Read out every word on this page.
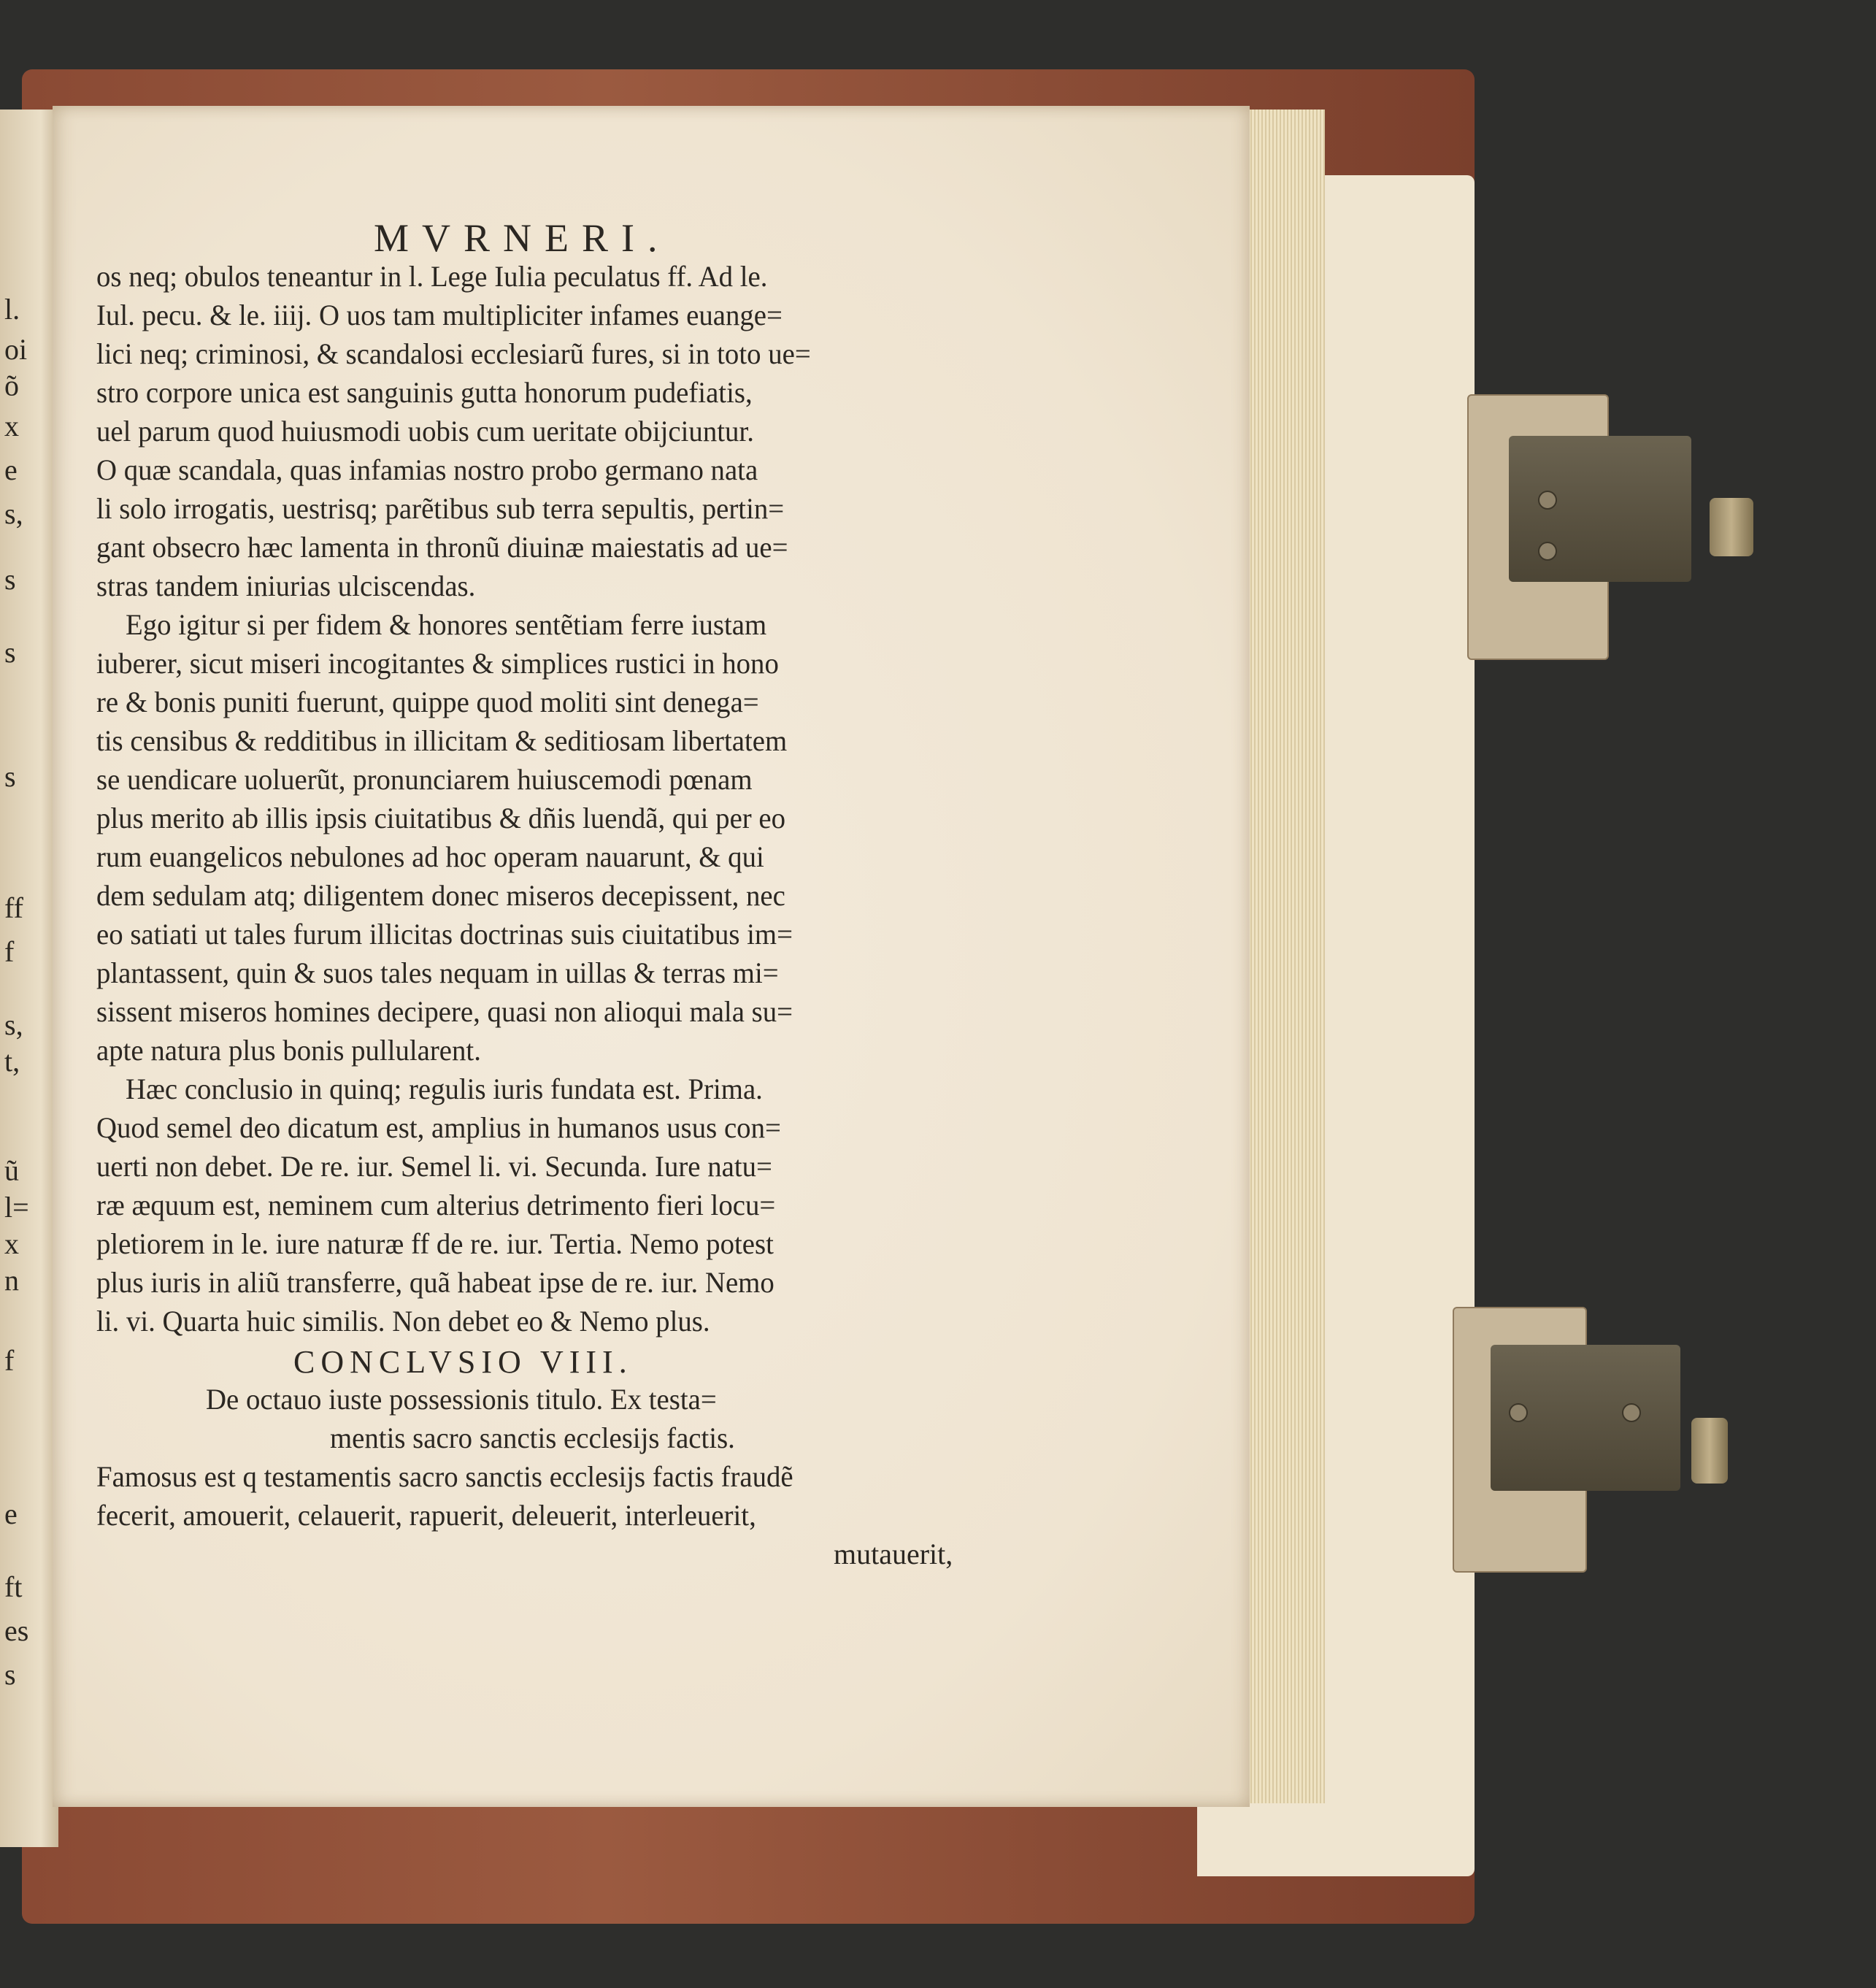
l.
oi
õ
x
e
s,
s
s
s
ff
f
s,
t,
ũ
l=
x
n
f
e
ft
es
s
MVRNERI.
os neq; obulos teneantur in l. Lege Iulia peculatus ff. Ad le.
Iul. pecu. & le. iiij. O uos tam multipliciter infames euange=
lici neq; criminosi, & scandalosi ecclesiarũ fures, si in toto ue=
stro corpore unica est sanguinis gutta honorum pudefiatis,
uel parum quod huiusmodi uobis cum ueritate obijciuntur.
O quæ scandala, quas infamias nostro probo germano nata
li solo irrogatis, uestrisq; parẽtibus sub terra sepultis, pertin=
gant obsecro hæc lamenta in thronũ diuinæ maiestatis ad ue=
stras tandem iniurias ulciscendas.
Ego igitur si per fidem & honores sentẽtiam ferre iustam
iuberer, sicut miseri incogitantes & simplices rustici in hono
re & bonis puniti fuerunt, quippe quod moliti sint denega=
tis censibus & redditibus in illicitam & seditiosam libertatem
se uendicare uoluerũt, pronunciarem huiuscemodi pœnam
plus merito ab illis ipsis ciuitatibus & dñis luendã, qui per eo
rum euangelicos nebulones ad hoc operam nauarunt, & qui
dem sedulam atq; diligentem donec miseros decepissent, nec
eo satiati ut tales furum illicitas doctrinas suis ciuitatibus im=
plantassent, quin & suos tales nequam in uillas & terras mi=
sissent miseros homines decipere, quasi non alioqui mala su=
apte natura plus bonis pullularent.
Hæc conclusio in quinq; regulis iuris fundata est. Prima.
Quod semel deo dicatum est, amplius in humanos usus con=
uerti non debet. De re. iur. Semel li. vi. Secunda. Iure natu=
ræ æquum est, neminem cum alterius detrimento fieri locu=
pletiorem in le. iure naturæ ff de re. iur. Tertia. Nemo potest
plus iuris in aliũ transferre, quã habeat ipse de re. iur. Nemo
li. vi. Quarta huic similis. Non debet eo & Nemo plus.
CONCLVSIO VIII.
De octauo iuste possessionis titulo. Ex testa=
mentis sacro sanctis ecclesijs factis.
Famosus est q testamentis sacro sanctis ecclesijs factis fraudẽ
fecerit, amouerit, celauerit, rapuerit, deleuerit, interleuerit,
mutauerit,
